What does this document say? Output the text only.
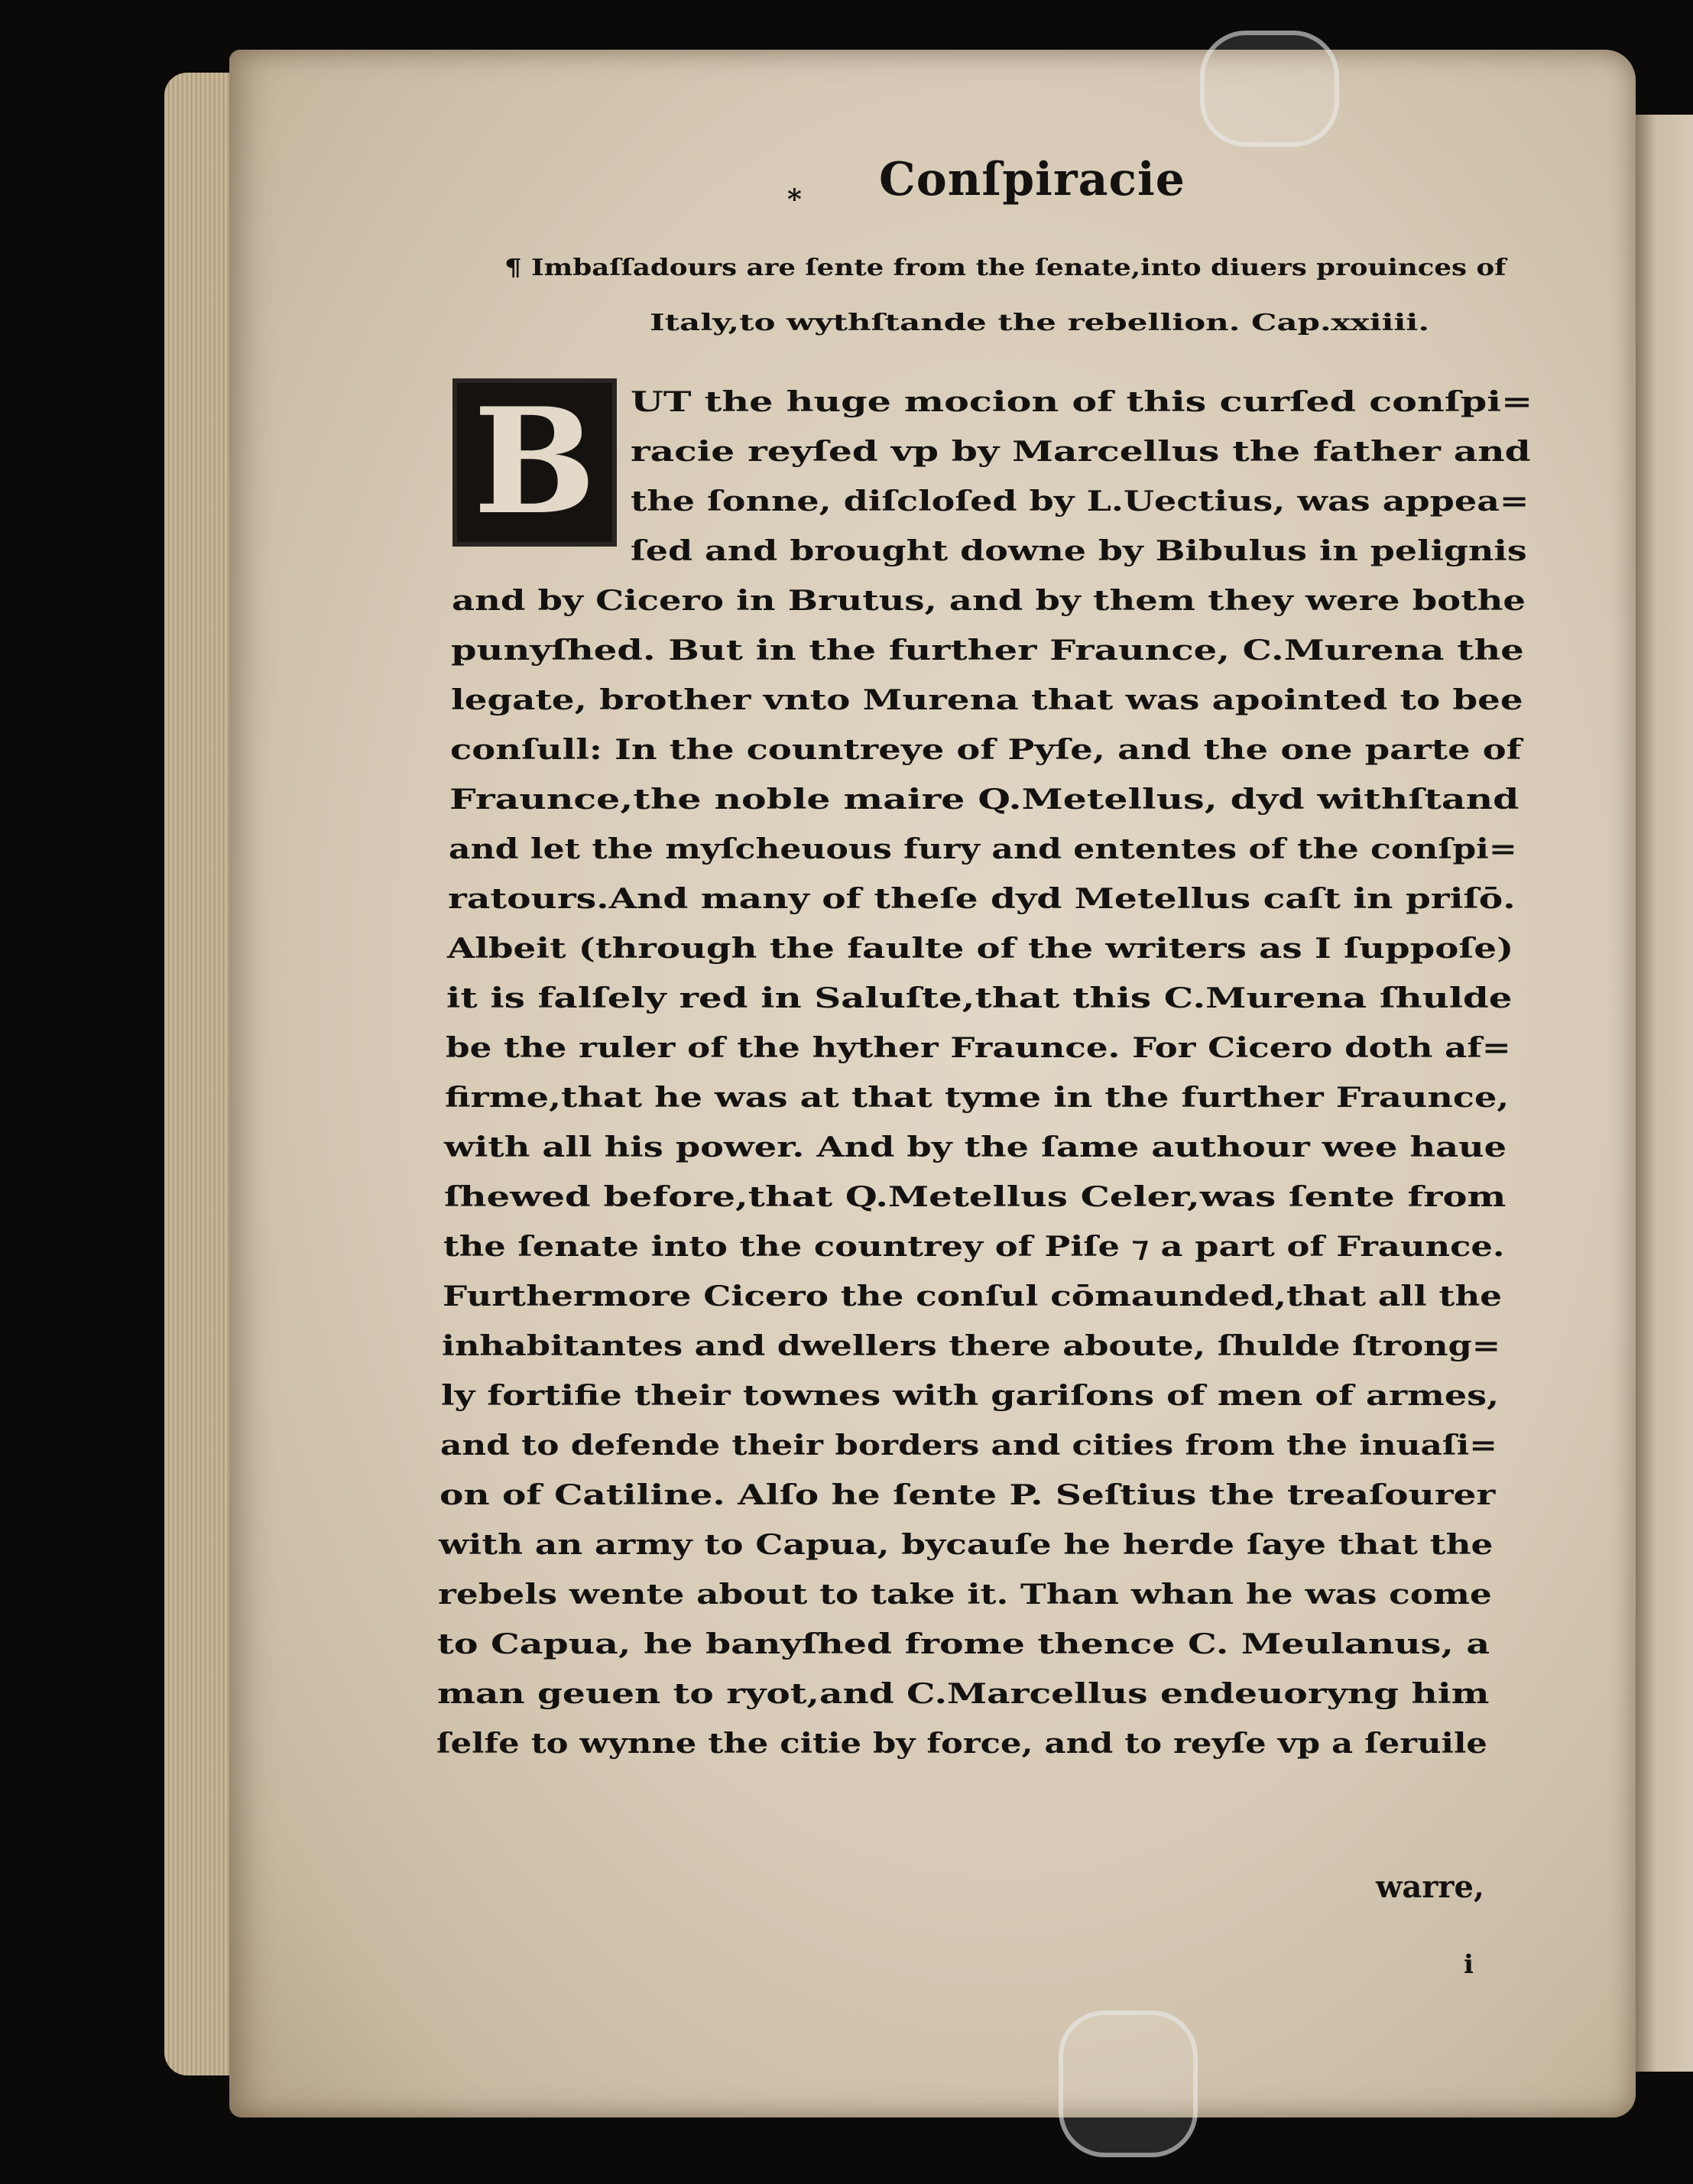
⁎ Conſpiracie
¶ Imbaſſadours are ſente from the ſenate,into diuers prouinces of
Italy,to wythſtande the rebellion. Cap.xxiiii.
B	UT the huge mocion of this curſed conſpi=
racie reyſed vp by Marcellus the father and
the ſonne, diſcloſed by L.Uectius, was appea=
ſed and brought downe by Bibulus in pelignis
and by Cicero in Brutus, and by them they were bothe
punyſhed. But in the further Fraunce, C.Murena the
legate, brother vnto Murena that was apointed to bee
conſull: In the countreye of Pyſe, and the one parte of
Fraunce,the noble maire Q.Metellus, dyd withſtand
and let the myſcheuous fury and ententes of the conſpi=
ratours.And many of theſe dyd Metellus caſt in priſō.
Albeit (through the faulte of the writers as I ſuppoſe)
it is falſely red in Saluſte,that this C.Murena ſhulde
be the ruler of the hyther Fraunce. For Cicero doth af=
firme,that he was at that tyme in the further Fraunce,
with all his power. And by the ſame authour wee haue
ſhewed before,that Q.Metellus Celer,was ſente from
the ſenate into the countrey of Piſe ⁊ a part of Fraunce.
Furthermore Cicero the conſul cōmaunded,that all the
inhabitantes and dwellers there aboute, ſhulde ſtrong=
ly fortifie their townes with gariſons of men of armes,
and to defende their borders and cities from the inuaſi=
on of Catiline. Alſo he ſente P. Seſtius the treaſourer
with an army to Capua, bycauſe he herde ſaye that the
rebels wente about to take it. Than whan he was come
to Capua, he banyſhed frome thence C. Meulanus, a
man geuen to ryot,and C.Marcellus endeuoryng him
ſelfe to wynne the citie by force, and to reyſe vp a ſeruile
warre,
i
